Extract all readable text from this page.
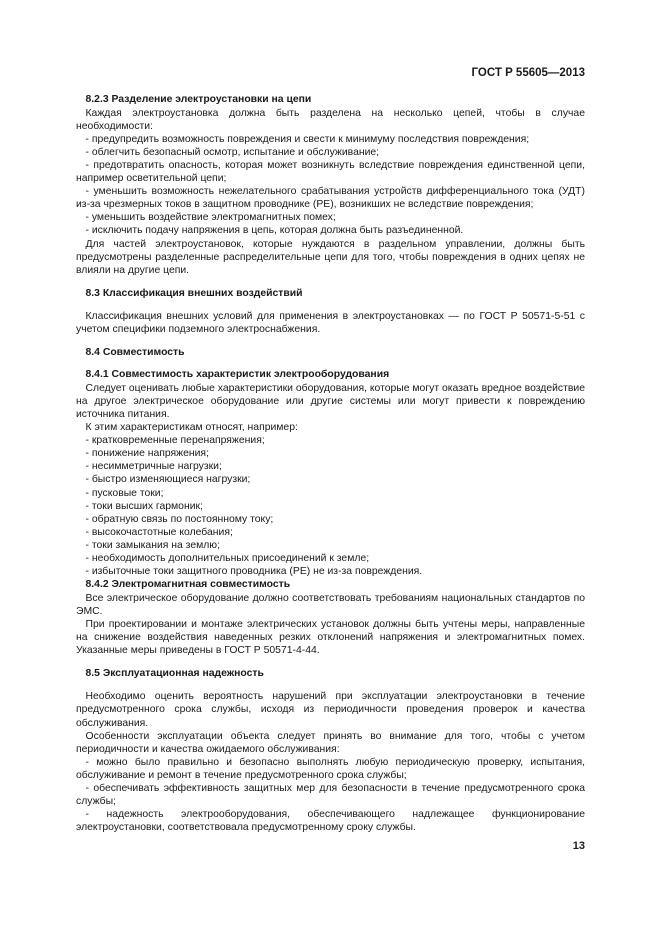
ГОСТ Р 55605—2013
8.2.3 Разделение электроустановки на цепи
Каждая электроустановка должна быть разделена на несколько цепей, чтобы в случае необходимости:
- предупредить возможность повреждения и свести к минимуму последствия повреждения;
- облегчить безопасный осмотр, испытание и обслуживание;
- предотвратить опасность, которая может возникнуть вследствие повреждения единственной цепи, например осветительной цепи;
- уменьшить возможность нежелательного срабатывания устройств дифференциального тока (УДТ) из-за чрезмерных токов в защитном проводнике (PE), возникших не вследствие повреждения;
- уменьшить воздействие электромагнитных помех;
- исключить подачу напряжения в цепь, которая должна быть разъединенной.
Для частей электроустановок, которые нуждаются в раздельном управлении, должны быть предусмотрены разделенные распределительные цепи для того, чтобы повреждения в одних цепях не влияли на другие цепи.
8.3 Классификация внешних воздействий
Классификация внешних условий для применения в электроустановках — по ГОСТ Р 50571-5-51 с учетом специфики подземного электроснабжения.
8.4 Совместимость
8.4.1 Совместимость характеристик электрооборудования
Следует оценивать любые характеристики оборудования, которые могут оказать вредное воздействие на другое электрическое оборудование или другие системы или могут привести к повреждению источника питания.
К этим характеристикам относят, например:
- кратковременные перенапряжения;
- понижение напряжения;
- несимметричные нагрузки;
- быстро изменяющиеся нагрузки;
- пусковые токи;
- токи высших гармоник;
- обратную связь по постоянному току;
- высокочастотные колебания;
- токи замыкания на землю;
- необходимость дополнительных присоединений к земле;
- избыточные токи защитного проводника (PE) не из-за повреждения.
8.4.2 Электромагнитная совместимость
Все электрическое оборудование должно соответствовать требованиям национальных стандартов по ЭМС.
При проектировании и монтаже электрических установок должны быть учтены меры, направленные на снижение воздействия наведенных резких отклонений напряжения и электромагнитных помех. Указанные меры приведены в ГОСТ Р 50571-4-44.
8.5 Эксплуатационная надежность
Необходимо оценить вероятность нарушений при эксплуатации электроустановки в течение предусмотренного срока службы, исходя из периодичности проведения проверок и качества обслуживания.
Особенности эксплуатации объекта следует принять во внимание для того, чтобы с учетом периодичности и качества ожидаемого обслуживания:
- можно было правильно и безопасно выполнять любую периодическую проверку, испытания, обслуживание и ремонт в течение предусмотренного срока службы;
- обеспечивать эффективность защитных мер для безопасности в течение предусмотренного срока службы;
- надежность электрооборудования, обеспечивающего надлежащее функционирование электроустановки, соответствовала предусмотренному сроку службы.
13
